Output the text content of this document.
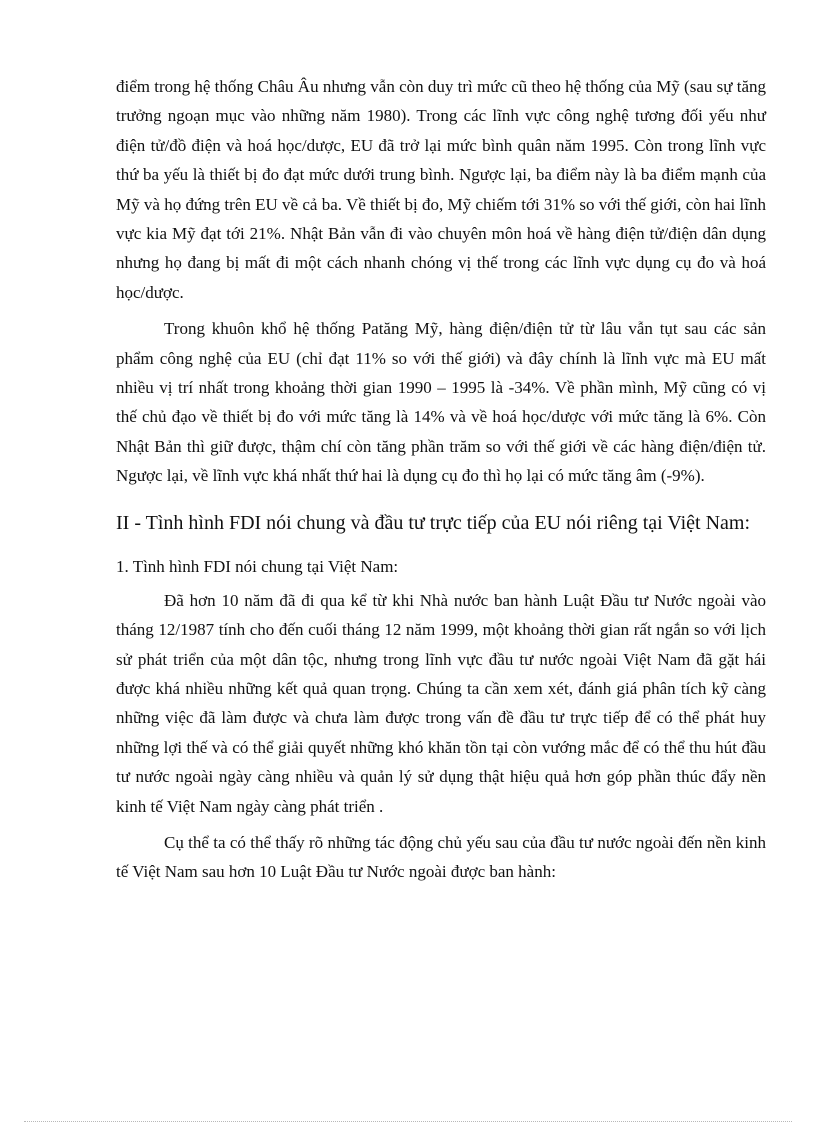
điểm trong hệ thống Châu Âu nhưng vẫn còn duy trì mức cũ theo hệ thống của Mỹ (sau sự tăng trưởng ngoạn mục vào những năm 1980). Trong các lĩnh vực công nghệ tương đối yếu như điện tử/đồ điện và hoá học/dược, EU đã trở lại mức bình quân năm 1995. Còn trong lĩnh vực thứ ba yếu là thiết bị đo đạt mức dưới trung bình. Ngược lại, ba điểm này là ba điểm mạnh của Mỹ và họ đứng trên EU về cả ba. Về thiết bị đo, Mỹ chiếm tới 31% so với thế giới, còn hai lĩnh vực kia Mỹ đạt tới 21%. Nhật Bản vẫn đi vào chuyên môn hoá về hàng điện tử/điện dân dụng nhưng họ đang bị mất đi một cách nhanh chóng vị thế trong các lĩnh vực dụng cụ đo và hoá học/dược.

Trong khuôn khổ hệ thống Patăng Mỹ, hàng điện/điện tử từ lâu vẫn tụt sau các sản phẩm công nghệ của EU (chỉ đạt 11% so với thế giới) và đây chính là lĩnh vực mà EU mất nhiều vị trí nhất trong khoảng thời gian 1990 – 1995 là -34%. Về phần mình, Mỹ cũng có vị thế chủ đạo về thiết bị đo với mức tăng là 14% và về hoá học/dược với mức tăng là 6%. Còn Nhật Bản thì giữ được, thậm chí còn tăng phần trăm so với thế giới về các hàng điện/điện tử. Ngược lại, về lĩnh vực khá nhất thứ hai là dụng cụ đo thì họ lại có mức tăng âm (-9%).

II - Tình hình FDI nói chung và đầu tư trực tiếp của EU nói riêng tại Việt Nam:
1. Tình hình FDI nói chung tại Việt Nam:

Đã hơn 10 năm đã đi qua kể từ khi Nhà nước ban hành Luật Đầu tư Nước ngoài vào tháng 12/1987 tính cho đến cuối tháng 12 năm 1999, một khoảng thời gian rất ngắn so với lịch sử phát triển của một dân tộc, nhưng trong lĩnh vực đầu tư nước ngoài Việt Nam đã gặt hái được khá nhiều những kết quả quan trọng. Chúng ta cần xem xét, đánh giá phân tích kỹ càng những việc đã làm được và chưa làm được trong vấn đề đầu tư trực tiếp để có thể phát huy những lợi thế và có thể giải quyết những khó khăn tồn tại còn vướng mắc để có thể thu hút đầu tư nước ngoài ngày càng nhiều và quản lý sử dụng thật hiệu quả hơn góp phần thúc đẩy nền kinh tế Việt Nam ngày càng phát triển .

Cụ thể ta có thể thấy rõ những tác động chủ yếu sau của đầu tư nước ngoài đến nền kinh tế Việt Nam sau hơn 10 Luật Đầu tư Nước ngoài được ban hành:
